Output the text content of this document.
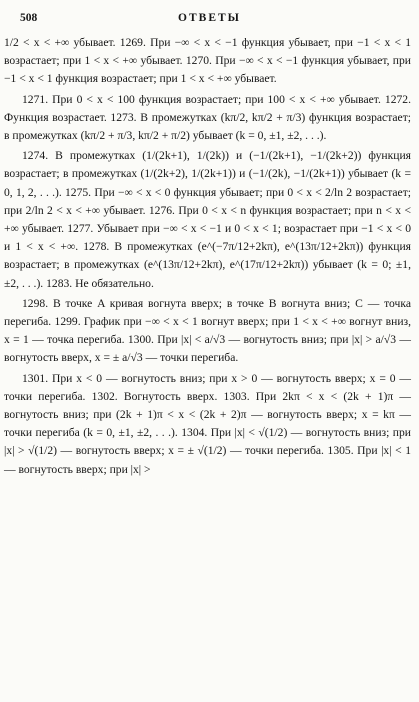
508	ОТВЕТЫ

1/2 < x < +∞ убывает. 1269. При −∞ < x < −1 функция убывает, при −1 < x < 1 возрастает; при 1 < x < +∞ убывает. 1270. При −∞ < x < −1 функция убывает, при −1 < x < 1 функция возрастает; при 1 < x < +∞ убывает.

1271. При 0 < x < 100 функция возрастает; при 100 < x < +∞ убывает. 1272. Функция возрастает. 1273. В промежутках (kπ/2, kπ/2 + π/3) функция возрастает; в промежутках (kπ/2 + π/3, kπ/2 + π/2) убывает (k = 0, ±1, ±2, . . .).

1274. В промежутках (1/(2k+1), 1/(2k)) и (−1/(2k+1), −1/(2k+2)) функция возрастает; в промежутках (1/(2k+2), 1/(2k+1)) и (−1/(2k), −1/(2k+1)) убывает (k = 0, 1, 2, . . .). 1275. При −∞ < x < 0 функция убывает; при 0 < x < 2/ln 2 возрастает; при 2/ln 2 < x < +∞ убывает. 1276. При 0 < x < n функция возрастает; при n < x < +∞ убывает. 1277. Убывает при −∞ < x < −1 и 0 < x < 1; возрастает при −1 < x < 0 и 1 < x < +∞. 1278. В промежутках (e^(−7π/12+2kπ), e^(13π/12+2kπ)) функция возрастает; в промежутках (e^(13π/12+2kπ), e^(17π/12+2kπ)) убывает (k = 0; ±1, ±2, . . .). 1283. Не обязательно.

1298. В точке A кривая вогнута вверх; в точке B вогнута вниз; C — точка перегиба. 1299. График при −∞ < x < 1 вогнут вверх; при 1 < x < +∞ вогнут вниз, x = 1 — точка перегиба. 1300. При |x| < a/√3 — вогнутость вниз; при |x| > a/√3 — вогнутость вверх, x = ± a/√3 — точки перегиба.

1301. При x < 0 — вогнутость вниз; при x > 0 — вогнутость вверх; x = 0 — точки перегиба. 1302. Вогнутость вверх. 1303. При 2kπ < x < (2k + 1)π — вогнутость вниз; при (2k + 1)π < x < (2k + 2)π — вогнутость вверх; x = kπ — точки перегиба (k = 0, ±1, ±2, . . .). 1304. При |x| < √(1/2) — вогнутость вниз; при |x| > √(1/2) — вогнутость вверх; x = ± √(1/2) — точки перегиба. 1305. При |x| < 1 — вогнутость вверх; при |x| >
